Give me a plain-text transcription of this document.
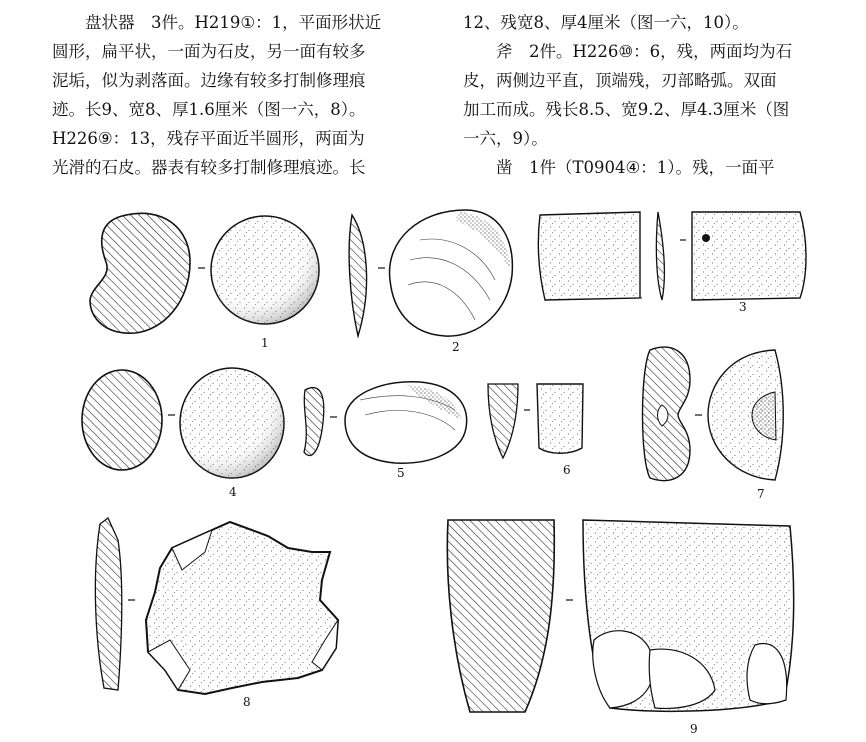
盘状器　3件。H219①：1，平面形状近

圆形，扁平状，一面为石皮，另一面有较多

泥垢，似为剥落面。边缘有较多打制修理痕

迹。长9、宽8、厚1.6厘米（图一六，8）。

H226⑨：13，残存平面近半圆形，两面为

光滑的石皮。器表有较多打制修理痕迹。长

12、残宽8、厚4厘米（图一六，10）。

斧　2件。H226⑩：6，残，两面均为石

皮，两侧边平直，顶端残，刃部略弧。双面

加工而成。残长8.5、宽9.2、厚4.3厘米（图

一六，9）。

凿　1件（T0904④：1）。残，一面平

3
5	6
7
8
9
1	2
4
